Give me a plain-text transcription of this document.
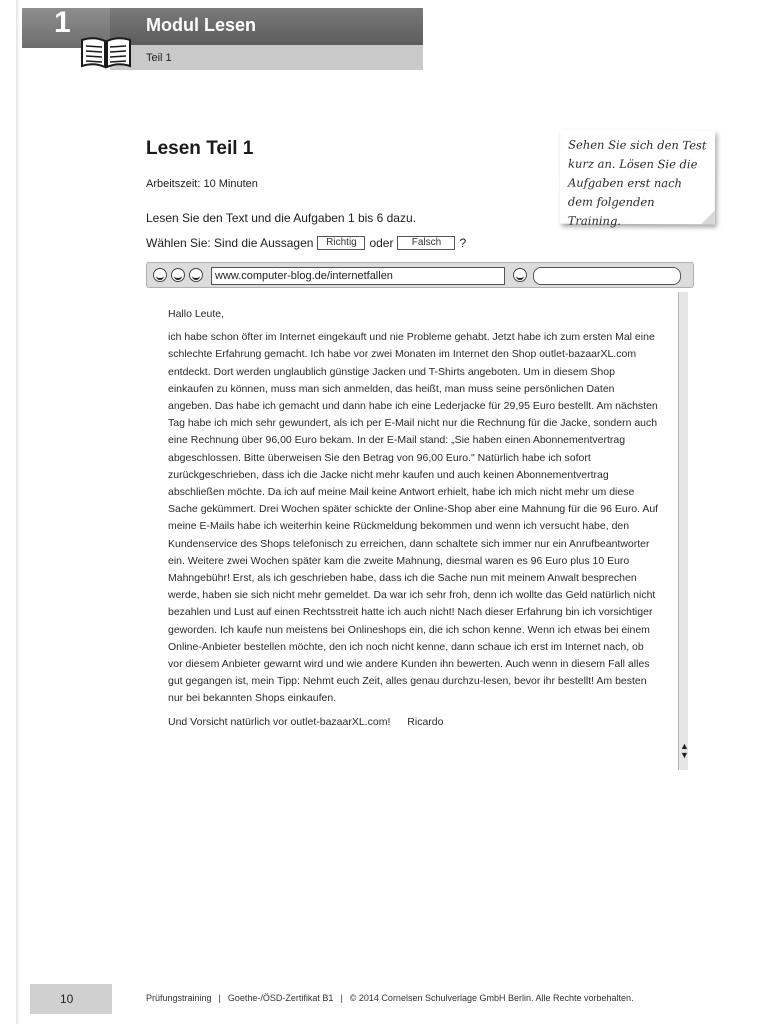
1	Modul Lesen
Teil 1
Lesen Teil 1
Arbeitszeit: 10 Minuten
Lesen Sie den Text und die Aufgaben 1 bis 6 dazu.
Wählen Sie: Sind die Aussagen	Richtig	oder	Falsch	?
Sehen Sie sich den Test kurz an. Lösen Sie die Aufgaben erst nach dem folgenden Training.
www.computer-blog.de/internetfallen

Hallo Leute,

ich habe schon öfter im Internet eingekauft und nie Probleme gehabt. Jetzt habe ich zum ersten Mal eine schlechte Erfahrung gemacht. Ich habe vor zwei Monaten im Internet den Shop outlet-bazaarXL.com entdeckt. Dort werden unglaublich günstige Jacken und T-Shirts angeboten. Um in diesem Shop einkaufen zu können, muss man sich anmelden, das heißt, man muss seine persönlichen Daten angeben. Das habe ich gemacht und dann habe ich eine Lederjacke für 29,95 Euro bestellt. Am nächsten Tag habe ich mich sehr gewundert, als ich per E-Mail nicht nur die Rechnung für die Jacke, sondern auch eine Rechnung über 96,00 Euro bekam. In der E-Mail stand: „Sie haben einen Abonnementvertrag abgeschlossen. Bitte überweisen Sie den Betrag von 96,00 Euro." Natürlich habe ich sofort zurückgeschrieben, dass ich die Jacke nicht mehr kaufen und auch keinen Abonnementvertrag abschließen möchte. Da ich auf meine Mail keine Antwort erhielt, habe ich mich nicht mehr um diese Sache gekümmert. Drei Wochen später schickte der Online-Shop aber eine Mahnung für die 96 Euro. Auf meine E-Mails habe ich weiterhin keine Rückmeldung bekommen und wenn ich versucht habe, den Kundenservice des Shops telefonisch zu erreichen, dann schaltete sich immer nur ein Anrufbeantworter ein. Weitere zwei Wochen später kam die zweite Mahnung, diesmal waren es 96 Euro plus 10 Euro Mahngebühr! Erst, als ich geschrieben habe, dass ich die Sache nun mit meinem Anwalt besprechen werde, haben sie sich nicht mehr gemeldet. Da war ich sehr froh, denn ich wollte das Geld natürlich nicht bezahlen und Lust auf einen Rechtsstreit hatte ich auch nicht! Nach dieser Erfahrung bin ich vorsichtiger geworden. Ich kaufe nun meistens bei Onlineshops ein, die ich schon kenne. Wenn ich etwas bei einem Online-Anbieter bestellen möchte, den ich noch nicht kenne, dann schaue ich erst im Internet nach, ob vor diesem Anbieter gewarnt wird und wie andere Kunden ihn bewerten. Auch wenn in diesem Fall alles gut gegangen ist, mein Tipp: Nehmt euch Zeit, alles genau durchzu-lesen, bevor ihr bestellt! Am besten nur bei bekannten Shops einkaufen.

Und Vorsicht natürlich vor outlet-bazaarXL.com! Ricardo

▲
▼
10	Prüfungstraining | Goethe-/ÖSD-Zertifikat B1 | © 2014 Cornelsen Schulverlage GmbH Berlin. Alle Rechte vorbehalten.
